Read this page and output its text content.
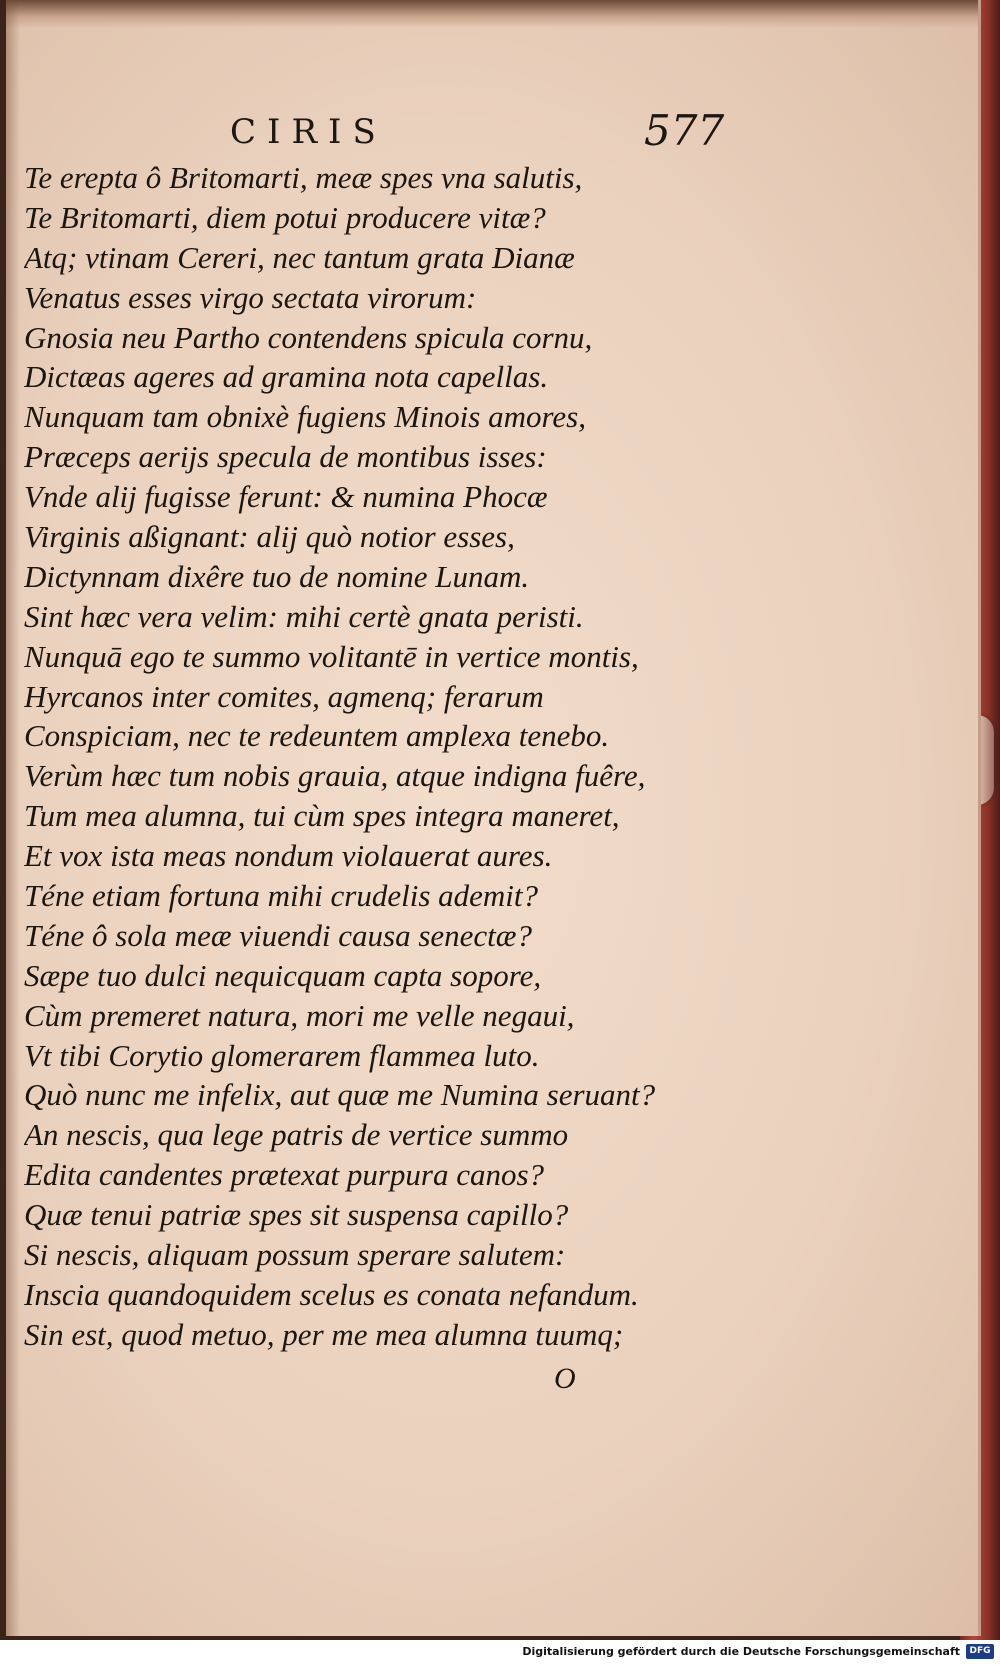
CIRIS	577
Te erepta ô Britomarti, meæ spes vna salutis,
Te Britomarti, diem potui producere vitæ?
Atq; vtinam Cereri, nec tantum grata Dianæ
Venatus esses virgo sectata virorum:
Gnosia neu Partho contendens spicula cornu,
Dictæas ageres ad gramina nota capellas.
Nunquam tam obnixè fugiens Minois amores,
Præceps aerijs specula de montibus isses:
Vnde alij fugisse ferunt: & numina Phocæ
Virginis aßignant: alij quò notior esses,
Dictynnam dixêre tuo de nomine Lunam.
Sint hæc vera velim: mihi certè gnata peristi.
Nunquā ego te summo volitantē in vertice montis,
Hyrcanos inter comites, agmenq; ferarum
Conspiciam, nec te redeuntem amplexa tenebo.
Verùm hæc tum nobis grauia, atque indigna fuêre,
Tum mea alumna, tui cùm spes integra maneret,
Et vox ista meas nondum violauerat aures.
Téne etiam fortuna mihi crudelis ademit?
Téne ô sola meæ viuendi causa senectæ?
Sæpe tuo dulci nequicquam capta sopore,
Cùm premeret natura, mori me velle negaui,
Vt tibi Corytio glomerarem flammea luto.
Quò nunc me infelix, aut quæ me Numina seruant?
An nescis, qua lege patris de vertice summo
Edita candentes prætexat purpura canos?
Quæ tenui patriæ spes sit suspensa capillo?
Si nescis, aliquam possum sperare salutem:
Inscia quandoquidem scelus es conata nefandum.
Sin est, quod metuo, per me mea alumna tuumq;
O
Digitalisierung gefördert durch die Deutsche Forschungsgemeinschaft	DFG
